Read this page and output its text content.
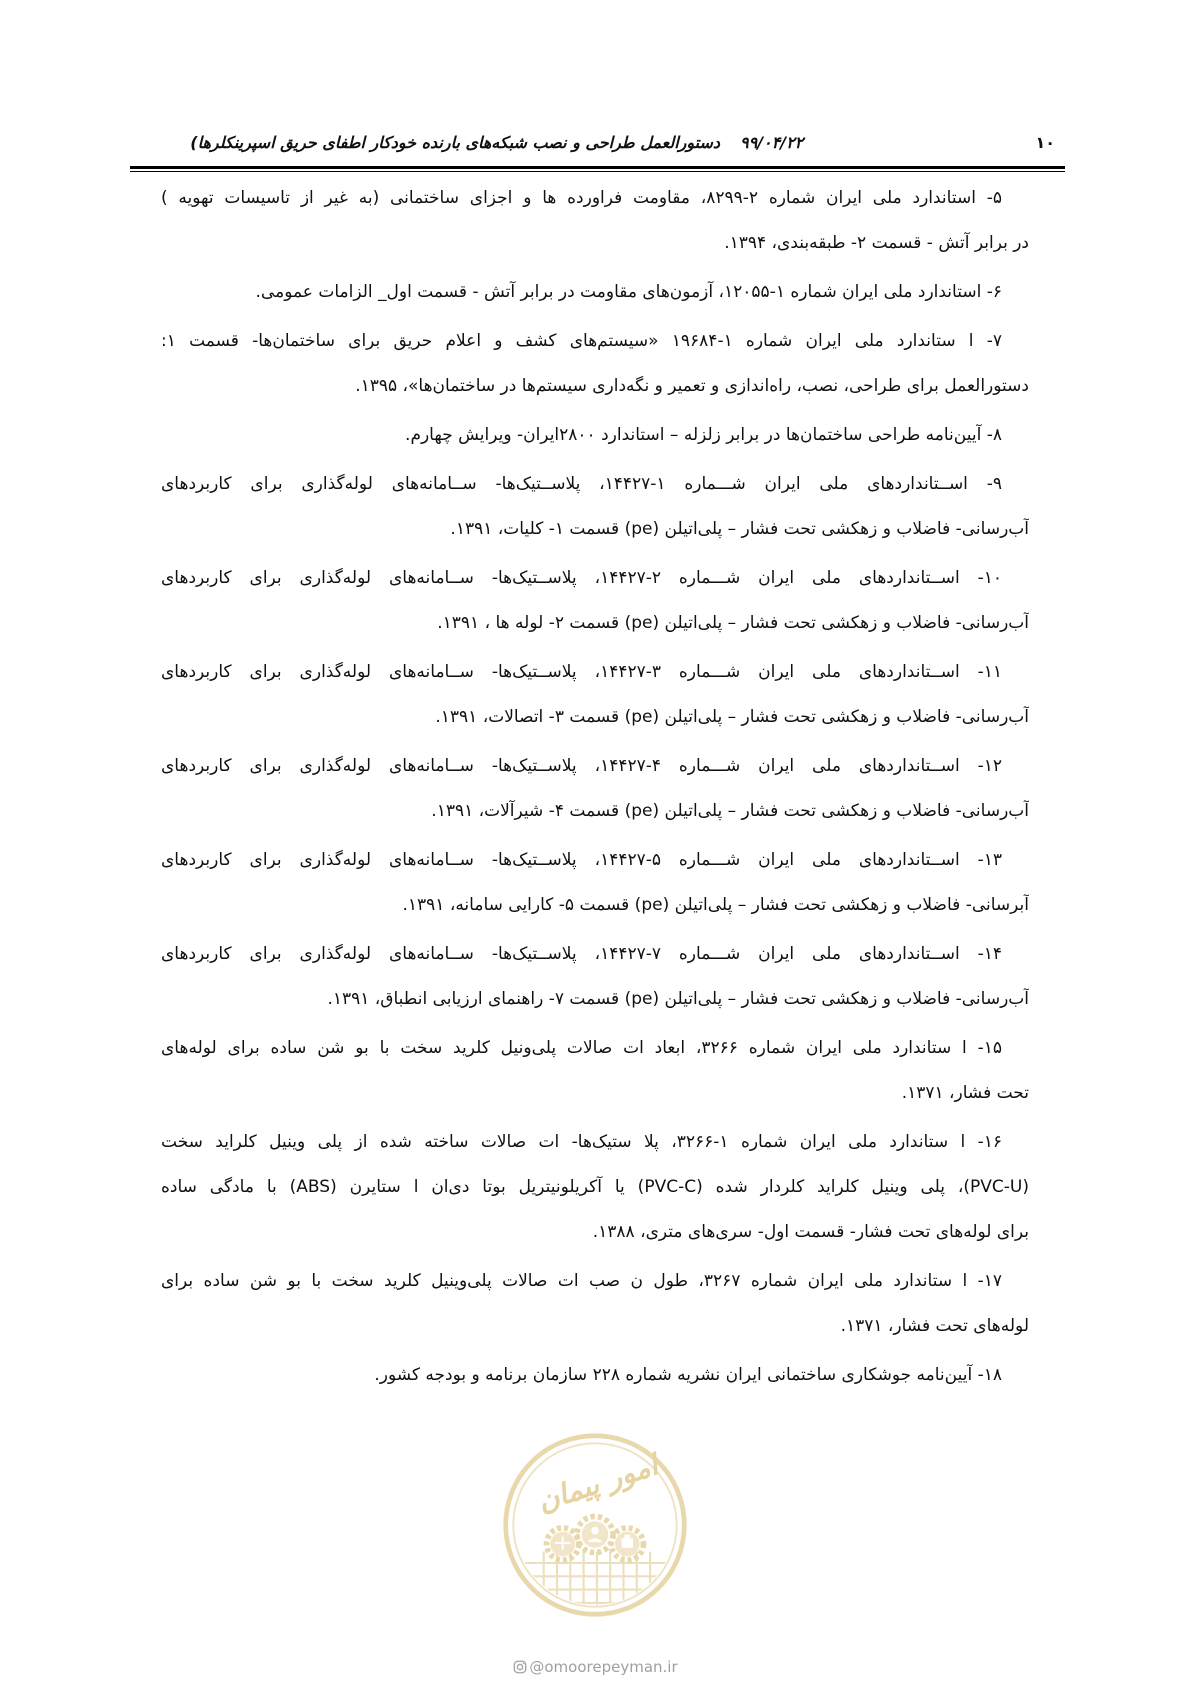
۱۰
۹۹/۰۴/۲۲
دستورالعمل طراحی و نصب شبکه‌های بارنده خودکار اطفای حریق اسپرینکلرها)
۵- استاندارد ملی ایران شماره ۲-۸۲۹۹، مقاومت فراورده ها و اجزای ساختمانی (به غیر از تاسیسات تهویه )
در برابر آتش - قسمت ۲- طبقه‌بندی، ۱۳۹۴.
۶- استاندارد ملی ایران شماره ۱-۱۲۰۵۵، آزمون‌های مقاومت در برابر آتش - قسمت اول_ الزامات عمومی.
۷- ا ستاندارد ملی ایران شماره ۱-۱۹۶۸۴ «سیستم‌های کشف و اعلام حریق برای ساختمان‌ها- قسمت ۱:
دستورالعمل برای طراحی، نصب، راه‌اندازی و تعمیر و نگه‌داری سیستم‌ها در ساختمان‌ها»، ۱۳۹۵.
۸- آیین‌نامه طراحی ساختمان‌ها در برابر زلزله – استاندارد ۲۸۰۰ایران- ویرایش چهارم.
۹- اســتانداردهای ملی ایران شـــماره ۱-۱۴۴۲۷، پلاســتیک‌ها- ســامانه‌های لوله‌گذاری برای کاربردهای
آب‌رسانی- فاضلاب و زهکشی تحت فشار – پلی‌اتیلن (pe) قسمت ۱- کلیات، ۱۳۹۱.
۱۰- اســتانداردهای ملی ایران شـــماره ۲-۱۴۴۲۷، پلاســتیک‌ها- ســامانه‌های لوله‌گذاری برای کاربردهای
آب‌رسانی- فاضلاب و زهکشی تحت فشار – پلی‌اتیلن (pe) قسمت ۲- لوله ها ، ۱۳۹۱.
۱۱- اســتانداردهای ملی ایران شـــماره ۳-۱۴۴۲۷، پلاســتیک‌ها- ســامانه‌های لوله‌گذاری برای کاربردهای
آب‌رسانی- فاضلاب و زهکشی تحت فشار – پلی‌اتیلن (pe) قسمت ۳- اتصالات، ۱۳۹۱.
۱۲- اســتانداردهای ملی ایران شـــماره ۴-۱۴۴۲۷، پلاســتیک‌ها- ســامانه‌های لوله‌گذاری برای کاربردهای
آب‌رسانی- فاضلاب و زهکشی تحت فشار – پلی‌اتیلن (pe) قسمت ۴- شیرآلات، ۱۳۹۱.
۱۳- اســتانداردهای ملی ایران شـــماره ۵-۱۴۴۲۷، پلاســتیک‌ها- ســامانه‌های لوله‌گذاری برای کاربردهای
آبرسانی- فاضلاب و زهکشی تحت فشار – پلی‌اتیلن (pe) قسمت ۵- کارایی سامانه، ۱۳۹۱.
۱۴- اســتانداردهای ملی ایران شـــماره ۷-۱۴۴۲۷، پلاســتیک‌ها- ســامانه‌های لوله‌گذاری برای کاربردهای
آب‌رسانی- فاضلاب و زهکشی تحت فشار – پلی‌اتیلن (pe) قسمت ۷- راهنمای ارزیابی انطباق، ۱۳۹۱.
۱۵- ا ستاندارد ملی ایران شماره ۳۲۶۶، ابعاد ات صالات پلی‌ونیل کلرید سخت با بو شن ساده برای لوله‌های
تحت فشار، ۱۳۷۱.
۱۶- ا ستاندارد ملی ایران شماره ۱-۳۲۶۶، پلا ستیک‌ها- ات صالات ساخته شده از پلی وینیل کلراید سخت
(PVC-U)، پلی وینیل کلراید کلردار شده (PVC-C) یا آکریلونیتریل بوتا دی‌ان ا ستایرن (ABS) با مادگی ساده
برای لوله‌های تحت فشار- قسمت اول- سری‌های متری، ۱۳۸۸.
۱۷- ا ستاندارد ملی ایران شماره ۳۲۶۷، طول ن صب ات صالات پلی‌وینیل کلرید سخت با بو شن ساده برای
لوله‌های تحت فشار، ۱۳۷۱.
۱۸- آیین‌نامه جوشکاری ساختمانی ایران نشریه شماره ۲۲۸ سازمان برنامه و بودجه کشور.
امور پیمان
@omoorepeyman.ir
